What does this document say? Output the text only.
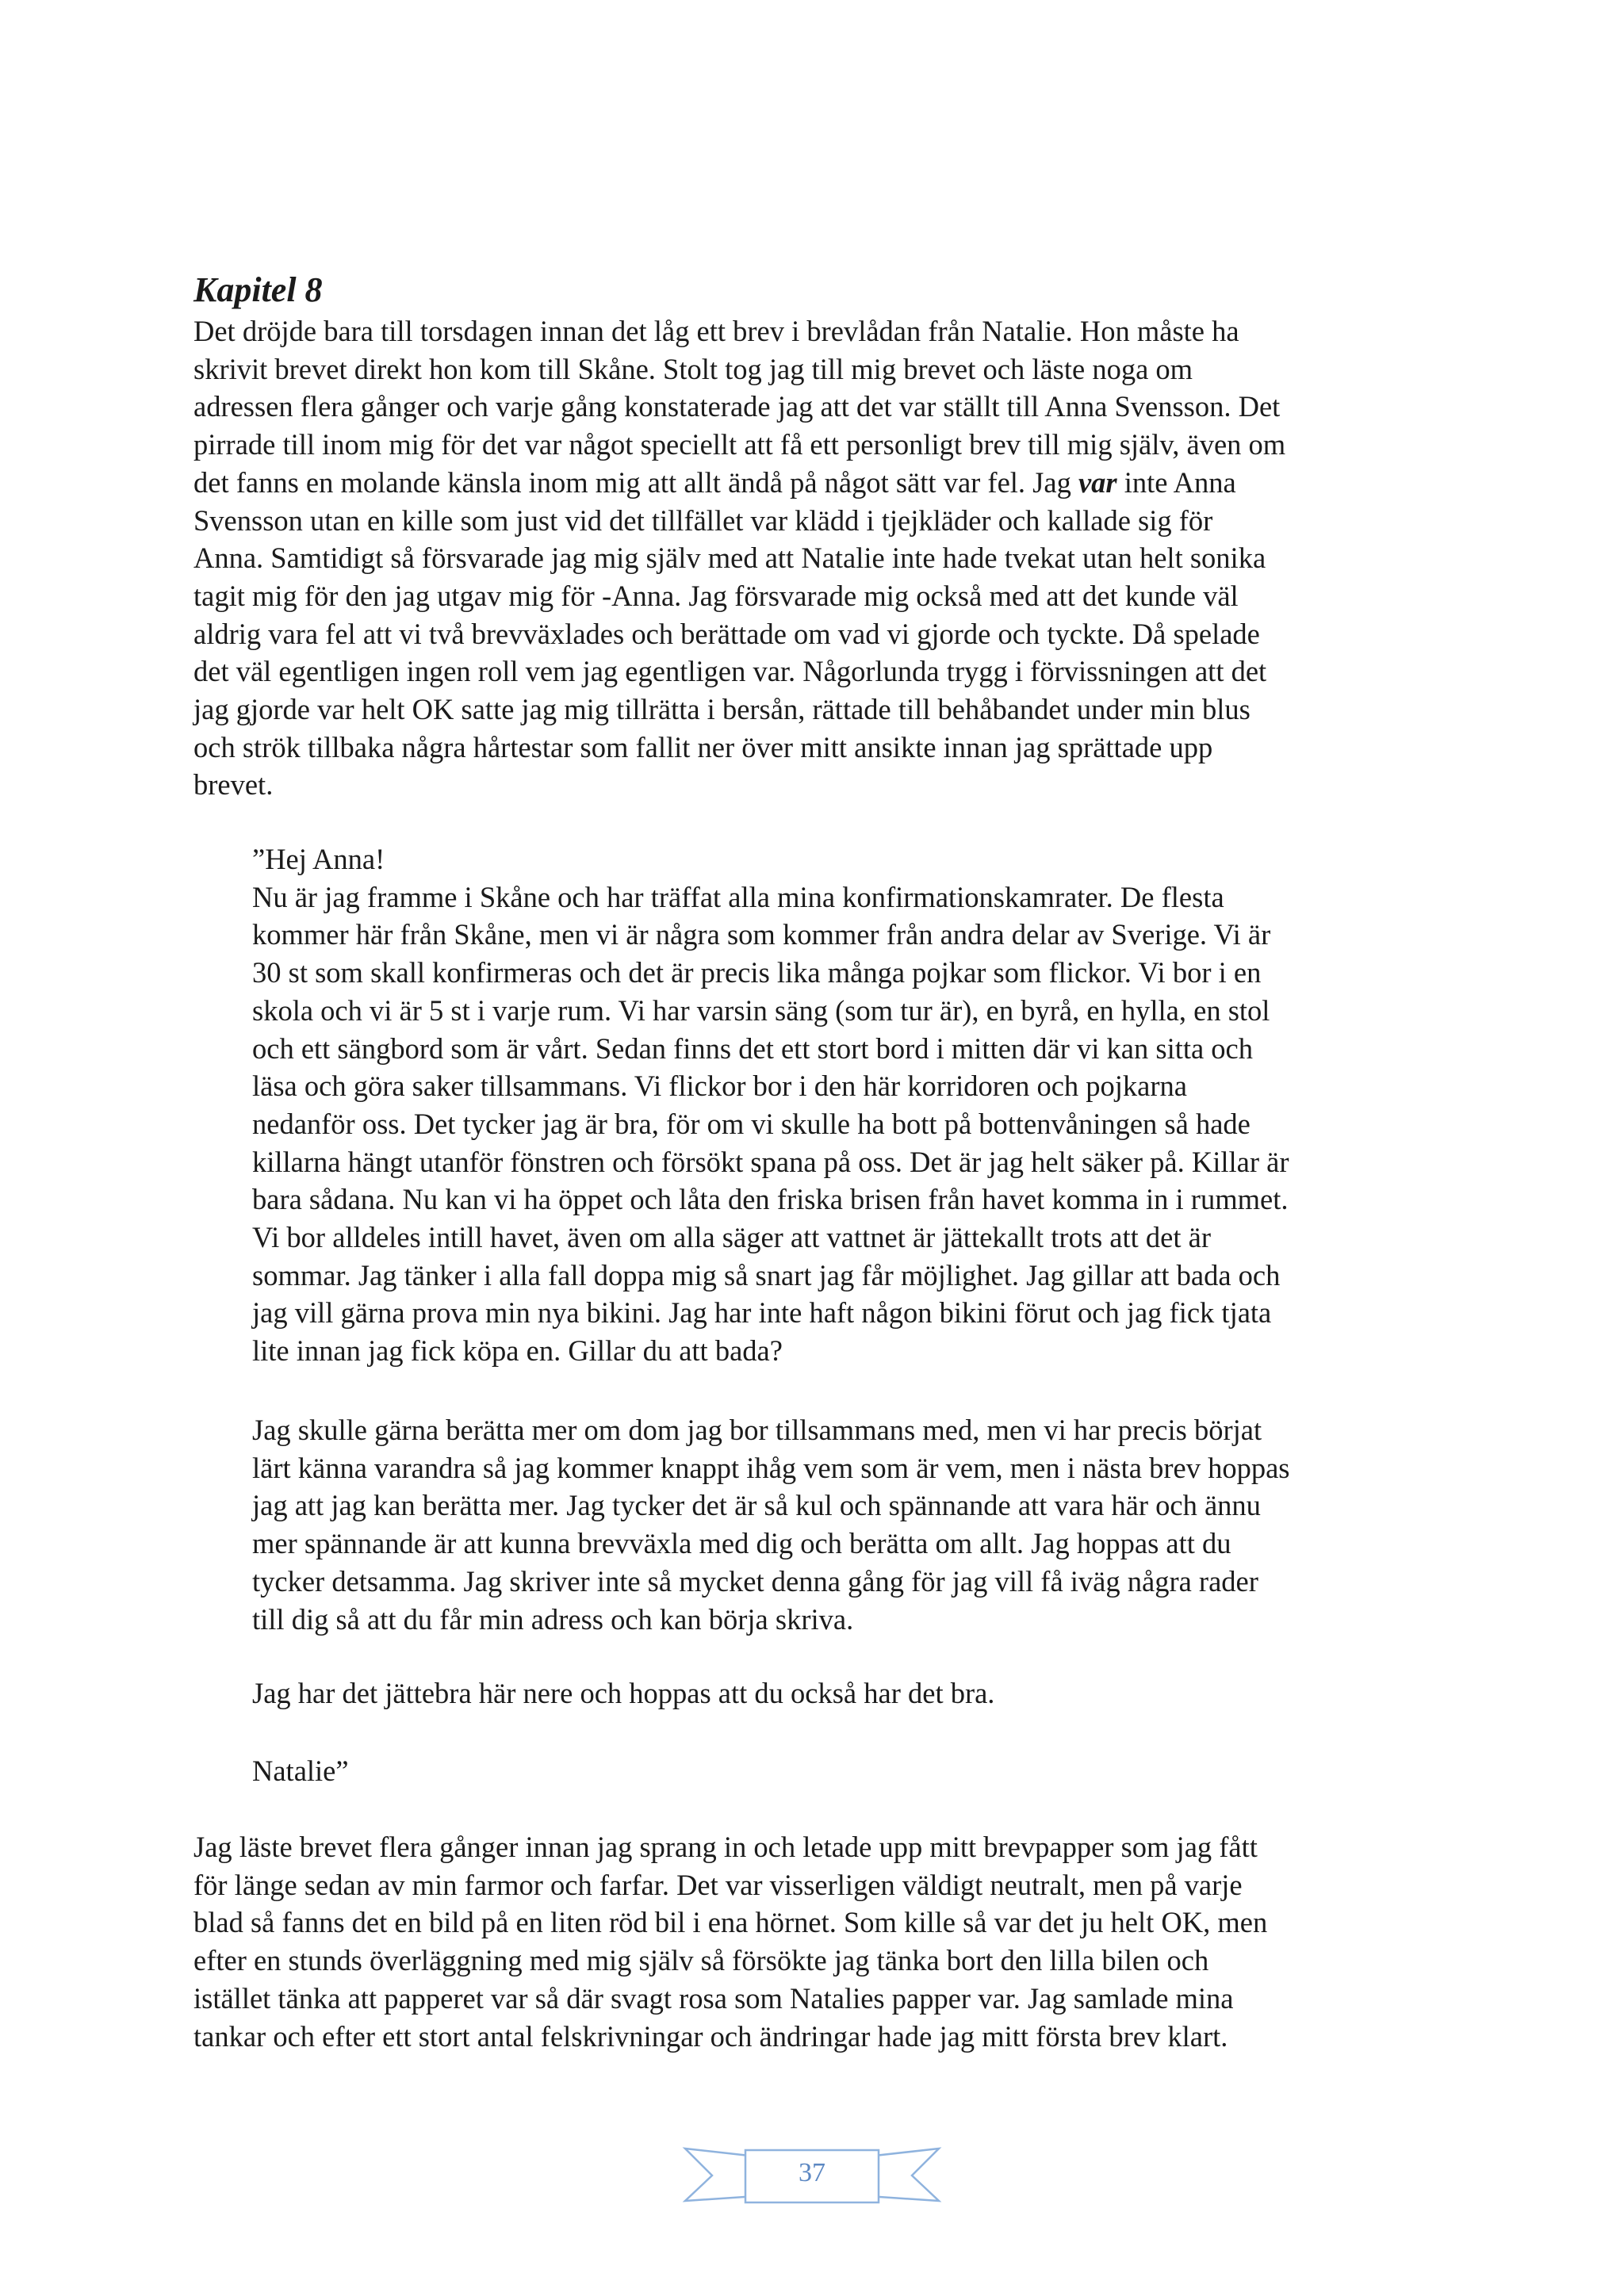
Kapitel 8

Det dröjde bara till torsdagen innan det låg ett brev i brevlådan från Natalie. Hon måste ha
skrivit brevet direkt hon kom till Skåne. Stolt tog jag till mig brevet och läste noga om
adressen flera gånger och varje gång konstaterade jag att det var ställt till Anna Svensson. Det
pirrade till inom mig för det var något speciellt att få ett personligt brev till mig själv, även om
det fanns en molande känsla inom mig att allt ändå på något sätt var fel. Jag var inte Anna
Svensson utan en kille som just vid det tillfället var klädd i tjejkläder och kallade sig för
Anna. Samtidigt så försvarade jag mig själv med att Natalie inte hade tvekat utan helt sonika
tagit mig för den jag utgav mig för -Anna. Jag försvarade mig också med att det kunde väl
aldrig vara fel att vi två brevväxlades och berättade om vad vi gjorde och tyckte. Då spelade
det väl egentligen ingen roll vem jag egentligen var. Någorlunda trygg i förvissningen att det
jag gjorde var helt OK satte jag mig tillrätta i bersån, rättade till behåbandet under min blus
och strök tillbaka några hårtestar som fallit ner över mitt ansikte innan jag sprättade upp
brevet.

”Hej Anna!
Nu är jag framme i Skåne och har träffat alla mina konfirmationskamrater. De flesta
kommer här från Skåne, men vi är några som kommer från andra delar av Sverige. Vi är
30 st som skall konfirmeras och det är precis lika många pojkar som flickor. Vi bor i en
skola och vi är 5 st i varje rum. Vi har varsin säng (som tur är), en byrå, en hylla, en stol
och ett sängbord som är vårt. Sedan finns det ett stort bord i mitten där vi kan sitta och
läsa och göra saker tillsammans. Vi flickor bor i den här korridoren och pojkarna
nedanför oss. Det tycker jag är bra, för om vi skulle ha bott på bottenvåningen så hade
killarna hängt utanför fönstren och försökt spana på oss. Det är jag helt säker på. Killar är
bara sådana. Nu kan vi ha öppet och låta den friska brisen från havet komma in i rummet.
Vi bor alldeles intill havet, även om alla säger att vattnet är jättekallt trots att det är
sommar. Jag tänker i alla fall doppa mig så snart jag får möjlighet. Jag gillar att bada och
jag vill gärna prova min nya bikini. Jag har inte haft någon bikini förut och jag fick tjata
lite innan jag fick köpa en. Gillar du att bada?

Jag skulle gärna berätta mer om dom jag bor tillsammans med, men vi har precis börjat
lärt känna varandra så jag kommer knappt ihåg vem som är vem, men i nästa brev hoppas
jag att jag kan berätta mer. Jag tycker det är så kul och spännande att vara här och ännu
mer spännande är att kunna brevväxla med dig och berätta om allt. Jag hoppas att du
tycker detsamma. Jag skriver inte så mycket denna gång för jag vill få iväg några rader
till dig så att du får min adress och kan börja skriva.

Jag har det jättebra här nere och hoppas att du också har det bra.

Natalie”

Jag läste brevet flera gånger innan jag sprang in och letade upp mitt brevpapper som jag fått
för länge sedan av min farmor och farfar. Det var visserligen väldigt neutralt, men på varje
blad så fanns det en bild på en liten röd bil i ena hörnet. Som kille så var det ju helt OK, men
efter en stunds överläggning med mig själv så försökte jag tänka bort den lilla bilen och
istället tänka att papperet var så där svagt rosa som Natalies papper var. Jag samlade mina
tankar och efter ett stort antal felskrivningar och ändringar hade jag mitt första brev klart.

37
